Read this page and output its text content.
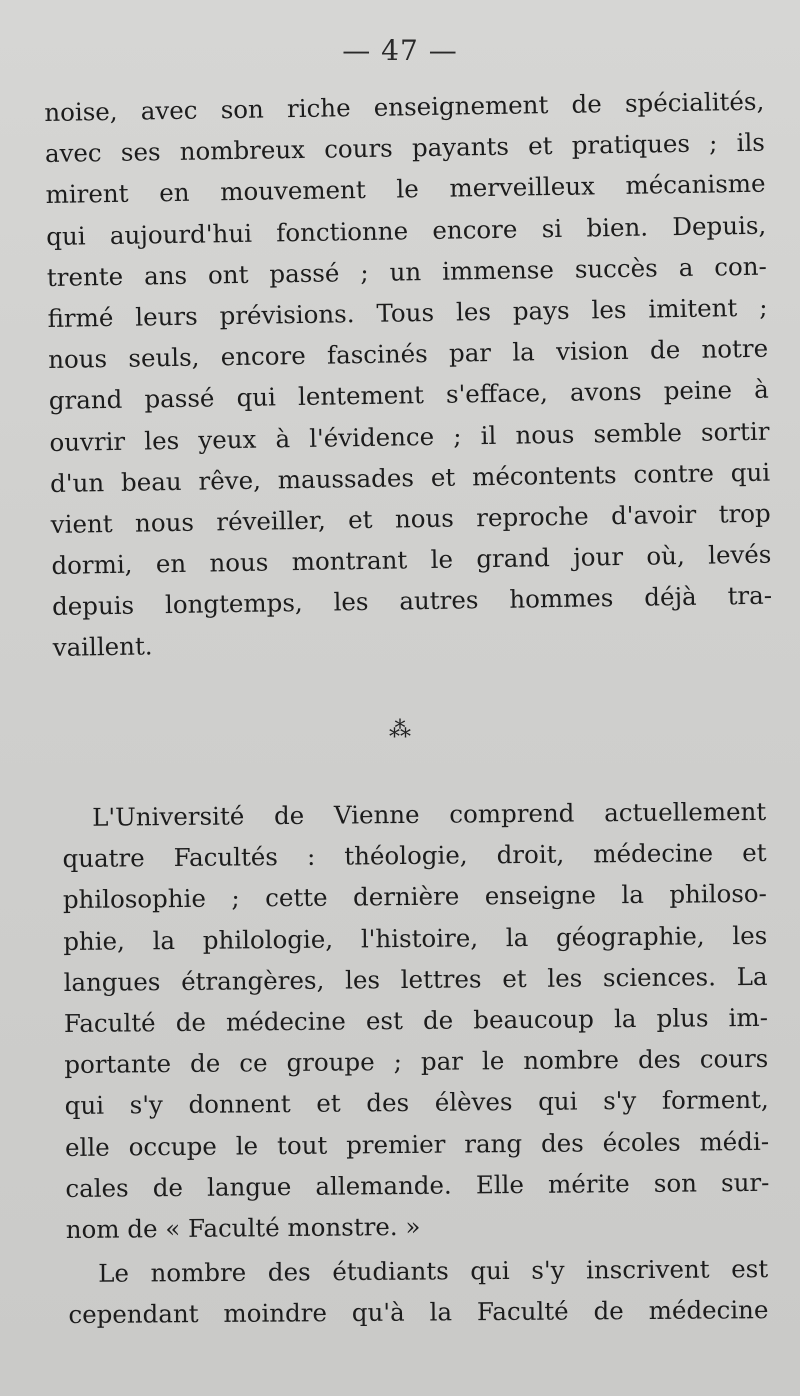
— 47 —
noise, avec son riche enseignement de spécialités,
avec ses nombreux cours payants et pratiques ; ils
mirent en mouvement le merveilleux mécanisme
qui aujourd'hui fonctionne encore si bien. Depuis,
trente ans ont passé ; un immense succès a con-
firmé leurs prévisions. Tous les pays les imitent ;
nous seuls, encore fascinés par la vision de notre
grand passé qui lentement s'efface, avons peine à
ouvrir les yeux à l'évidence ; il nous semble sortir
d'un beau rêve, maussades et mécontents contre qui
vient nous réveiller, et nous reproche d'avoir trop
dormi, en nous montrant le grand jour où, levés
depuis longtemps, les autres hommes déjà tra-
vaillent.
⁂
L'Université de Vienne comprend actuellement
quatre Facultés : théologie, droit, médecine et
philosophie ; cette dernière enseigne la philoso-
phie, la philologie, l'histoire, la géographie, les
langues étrangères, les lettres et les sciences. La
Faculté de médecine est de beaucoup la plus im-
portante de ce groupe ; par le nombre des cours
qui s'y donnent et des élèves qui s'y forment,
elle occupe le tout premier rang des écoles médi-
cales de langue allemande. Elle mérite son sur-
nom de « Faculté monstre. »
Le nombre des étudiants qui s'y inscrivent est
cependant moindre qu'à la Faculté de médecine
